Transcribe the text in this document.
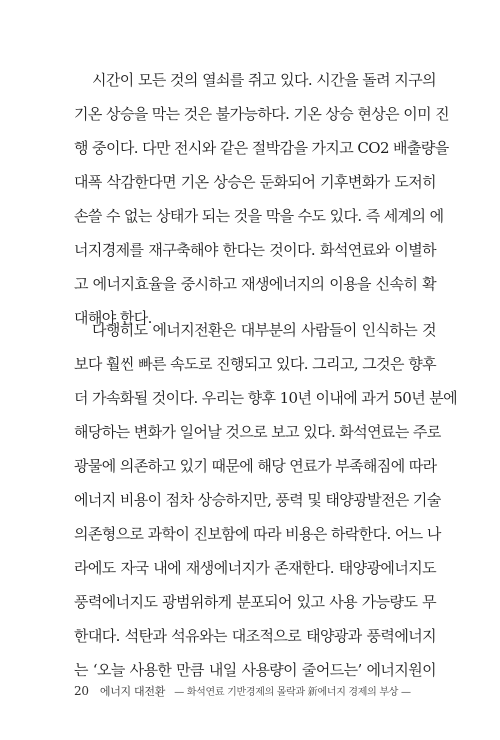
시간이 모든 것의 열쇠를 쥐고 있다. 시간을 돌려 지구의
기온 상승을 막는 것은 불가능하다. 기온 상승 현상은 이미 진
행 중이다. 다만 전시와 같은 절박감을 가지고 CO2 배출량을
대폭 삭감한다면 기온 상승은 둔화되어 기후변화가 도저히
손쓸 수 없는 상태가 되는 것을 막을 수도 있다. 즉 세계의 에
너지경제를 재구축해야 한다는 것이다. 화석연료와 이별하
고 에너지효율을 중시하고 재생에너지의 이용을 신속히 확
대해야 한다.
다행히도 에너지전환은 대부분의 사람들이 인식하는 것
보다 훨씬 빠른 속도로 진행되고 있다. 그리고, 그것은 향후
더 가속화될 것이다. 우리는 향후 10년 이내에 과거 50년 분에
해당하는 변화가 일어날 것으로 보고 있다. 화석연료는 주로
광물에 의존하고 있기 때문에 해당 연료가 부족해짐에 따라
에너지 비용이 점차 상승하지만, 풍력 및 태양광발전은 기술
의존형으로 과학이 진보함에 따라 비용은 하락한다. 어느 나
라에도 자국 내에 재생에너지가 존재한다. 태양광에너지도
풍력에너지도 광범위하게 분포되어 있고 사용 가능량도 무
한대다. 석탄과 석유와는 대조적으로 태양광과 풍력에너지
는 ‘오늘 사용한 만큼 내일 사용량이 줄어드는’ 에너지원이
20 에너지 대전환 — 화석연료 기반경제의 몰락과 新에너지 경제의 부상 —
